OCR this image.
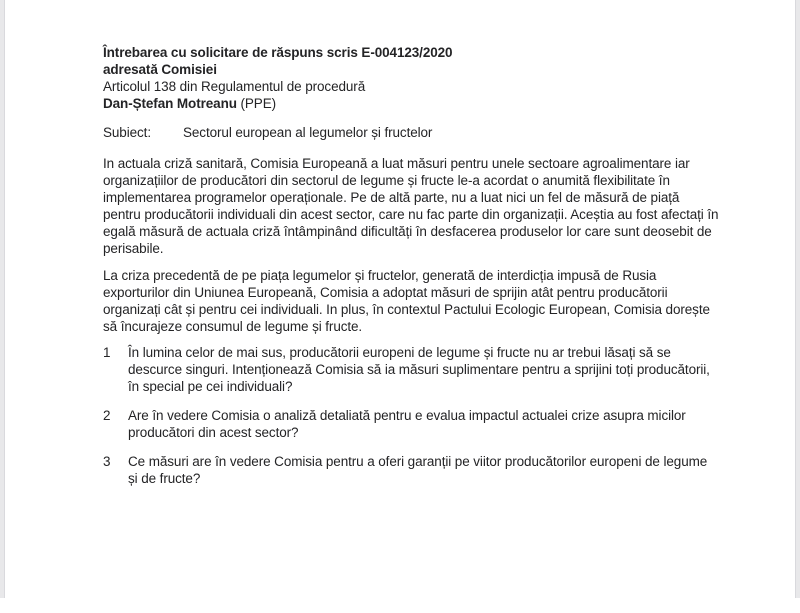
Întrebarea cu solicitare de răspuns scris E-004123/2020
adresată Comisiei
Articolul 138 din Regulamentul de procedură
Dan-Ștefan Motreanu (PPE)
Subiect:	Sectorul european al legumelor și fructelor
In actuala criză sanitară, Comisia Europeană a luat măsuri pentru unele sectoare agroalimentare iar organizațiilor de producători din sectorul de legume și fructe le-a acordat o anumită flexibilitate în implementarea programelor operaționale. Pe de altă parte, nu a luat nici un fel de măsură de piață pentru producătorii individuali din acest sector, care nu fac parte din organizații. Aceștia au fost afectați în egală măsură de actuala criză întâmpinând dificultăți în desfacerea produselor lor care sunt deosebit de perisabile.
La criza precedentă de pe piața legumelor și fructelor, generată de interdicția impusă de Rusia exporturilor din Uniunea Europeană, Comisia a adoptat măsuri de sprijin atât pentru producătorii organizați cât și pentru cei individuali. In plus, în contextul Pactului Ecologic European, Comisia dorește să încurajeze consumul de legume și fructe.
1	În lumina celor de mai sus, producătorii europeni de legume și fructe nu ar trebui lăsați să se descurce singuri. Intenționează Comisia să ia măsuri suplimentare pentru a sprijini toți producătorii, în special pe cei individuali?
2	Are în vedere Comisia o analiză detaliată pentru e evalua impactul actualei crize asupra micilor producători din acest sector?
3	Ce măsuri are în vedere Comisia pentru a oferi garanții pe viitor producătorilor europeni de legume și de fructe?
